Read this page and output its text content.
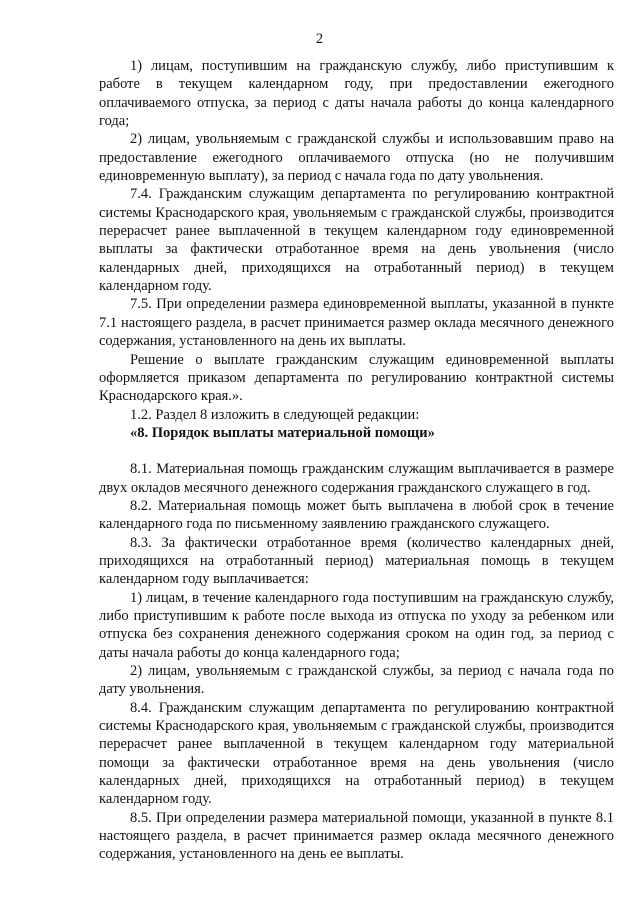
2

1) лицам, поступившим на гражданскую службу, либо приступившим к работе в текущем календарном году, при предоставлении ежегодного оплачиваемого отпуска, за период с даты начала работы до конца календарного года;

2) лицам, увольняемым с гражданской службы и использовавшим право на предоставление ежегодного оплачиваемого отпуска (но не получившим единовременную выплату), за период с начала года по дату увольнения.

7.4. Гражданским служащим департамента по регулированию контрактной системы Краснодарского края, увольняемым с гражданской службы, производится перерасчет ранее выплаченной в текущем календарном году единовременной выплаты за фактически отработанное время на день увольнения (число календарных дней, приходящихся на отработанный период) в текущем календарном году.

7.5. При определении размера единовременной выплаты, указанной в пункте 7.1 настоящего раздела, в расчет принимается размер оклада месячного денежного содержания, установленного на день их выплаты.

Решение о выплате гражданским служащим единовременной выплаты оформляется приказом департамента по регулированию контрактной системы Краснодарского края.».

1.2. Раздел 8 изложить в следующей редакции:

«8. Порядок выплаты материальной помощи»

8.1. Материальная помощь гражданским служащим выплачивается в размере двух окладов месячного денежного содержания гражданского служащего в год.

8.2. Материальная помощь может быть выплачена в любой срок в течение календарного года по письменному заявлению гражданского служащего.

8.3. За фактически отработанное время (количество календарных дней, приходящихся на отработанный период) материальная помощь в текущем календарном году выплачивается:

1) лицам, в течение календарного года поступившим на гражданскую службу, либо приступившим к работе после выхода из отпуска по уходу за ребенком или отпуска без сохранения денежного содержания сроком на один год, за период с даты начала работы до конца календарного года;

2) лицам, увольняемым с гражданской службы, за период с начала года по дату увольнения.

8.4. Гражданским служащим департамента по регулированию контрактной системы Краснодарского края, увольняемым с гражданской службы, производится перерасчет ранее выплаченной в текущем календарном году материальной помощи за фактически отработанное время на день увольнения (число календарных дней, приходящихся на отработанный период) в текущем календарном году.

8.5. При определении размера материальной помощи, указанной в пункте 8.1 настоящего раздела, в расчет принимается размер оклада месячного денежного содержания, установленного на день ее выплаты.
